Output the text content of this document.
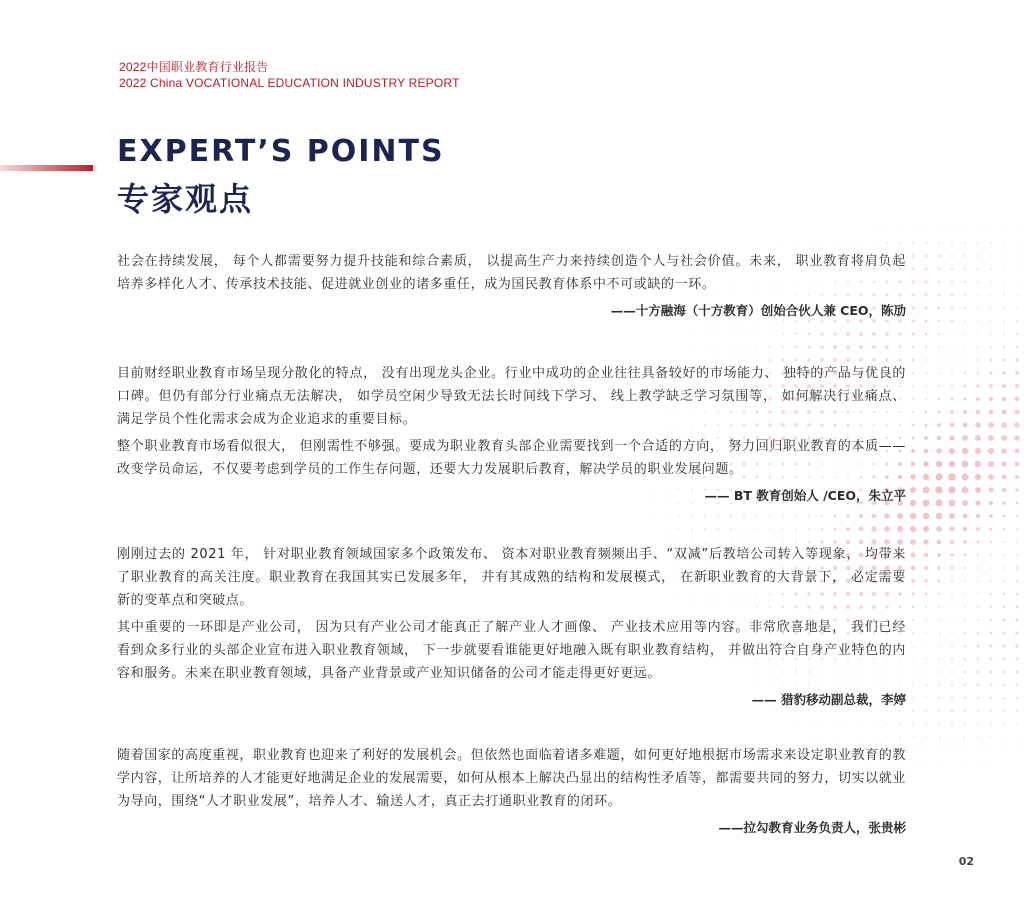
2022中国职业教育行业报告
2022 China VOCATIONAL EDUCATION INDUSTRY REPORT
EXPERT’S POINTS
专家观点

社会在持续发展， 每个人都需要努力提升技能和综合素质， 以提高生产力来持续创造个人与社会价值。未来， 职业教育将肩负起培养多样化人才、传承技术技能、促进就业创业的诸多重任，成为国民教育体系中不可或缺的一环。

——十方融海（十方教育）创始合伙人兼 CEO，陈劢

目前财经职业教育市场呈现分散化的特点， 没有出现龙头企业。行业中成功的企业往往具备较好的市场能力、 独特的产品与优良的口碑。但仍有部分行业痛点无法解决， 如学员空闲少导致无法长时间线下学习、 线上教学缺乏学习氛围等， 如何解决行业痛点、满足学员个性化需求会成为企业追求的重要目标。

整个职业教育市场看似很大， 但刚需性不够强。要成为职业教育头部企业需要找到一个合适的方向， 努力回归职业教育的本质——改变学员命运，不仅要考虑到学员的工作生存问题，还要大力发展职后教育，解决学员的职业发展问题。

—— BT 教育创始人 /CEO，朱立平

刚刚过去的 2021 年， 针对职业教育领域国家多个政策发布、 资本对职业教育频频出手、“双减”后教培公司转入等现象， 均带来了职业教育的高关注度。职业教育在我国其实已发展多年， 并有其成熟的结构和发展模式， 在新职业教育的大背景下， 必定需要新的变革点和突破点。

其中重要的一环即是产业公司， 因为只有产业公司才能真正了解产业人才画像、 产业技术应用等内容。非常欣喜地是， 我们已经看到众多行业的头部企业宣布进入职业教育领域， 下一步就要看谁能更好地融入既有职业教育结构， 并做出符合自身产业特色的内容和服务。未来在职业教育领域，具备产业背景或产业知识储备的公司才能走得更好更远。

—— 猎豹移动副总裁，李婷

随着国家的高度重视，职业教育也迎来了利好的发展机会。但依然也面临着诸多难题，如何更好地根据市场需求来设定职业教育的教学内容，让所培养的人才能更好地满足企业的发展需要，如何从根本上解决凸显出的结构性矛盾等，都需要共同的努力，切实以就业为导向，围绕“人才职业发展”，培养人才、输送人才，真正去打通职业教育的闭环。

——拉勾教育业务负责人，张贵彬

02
